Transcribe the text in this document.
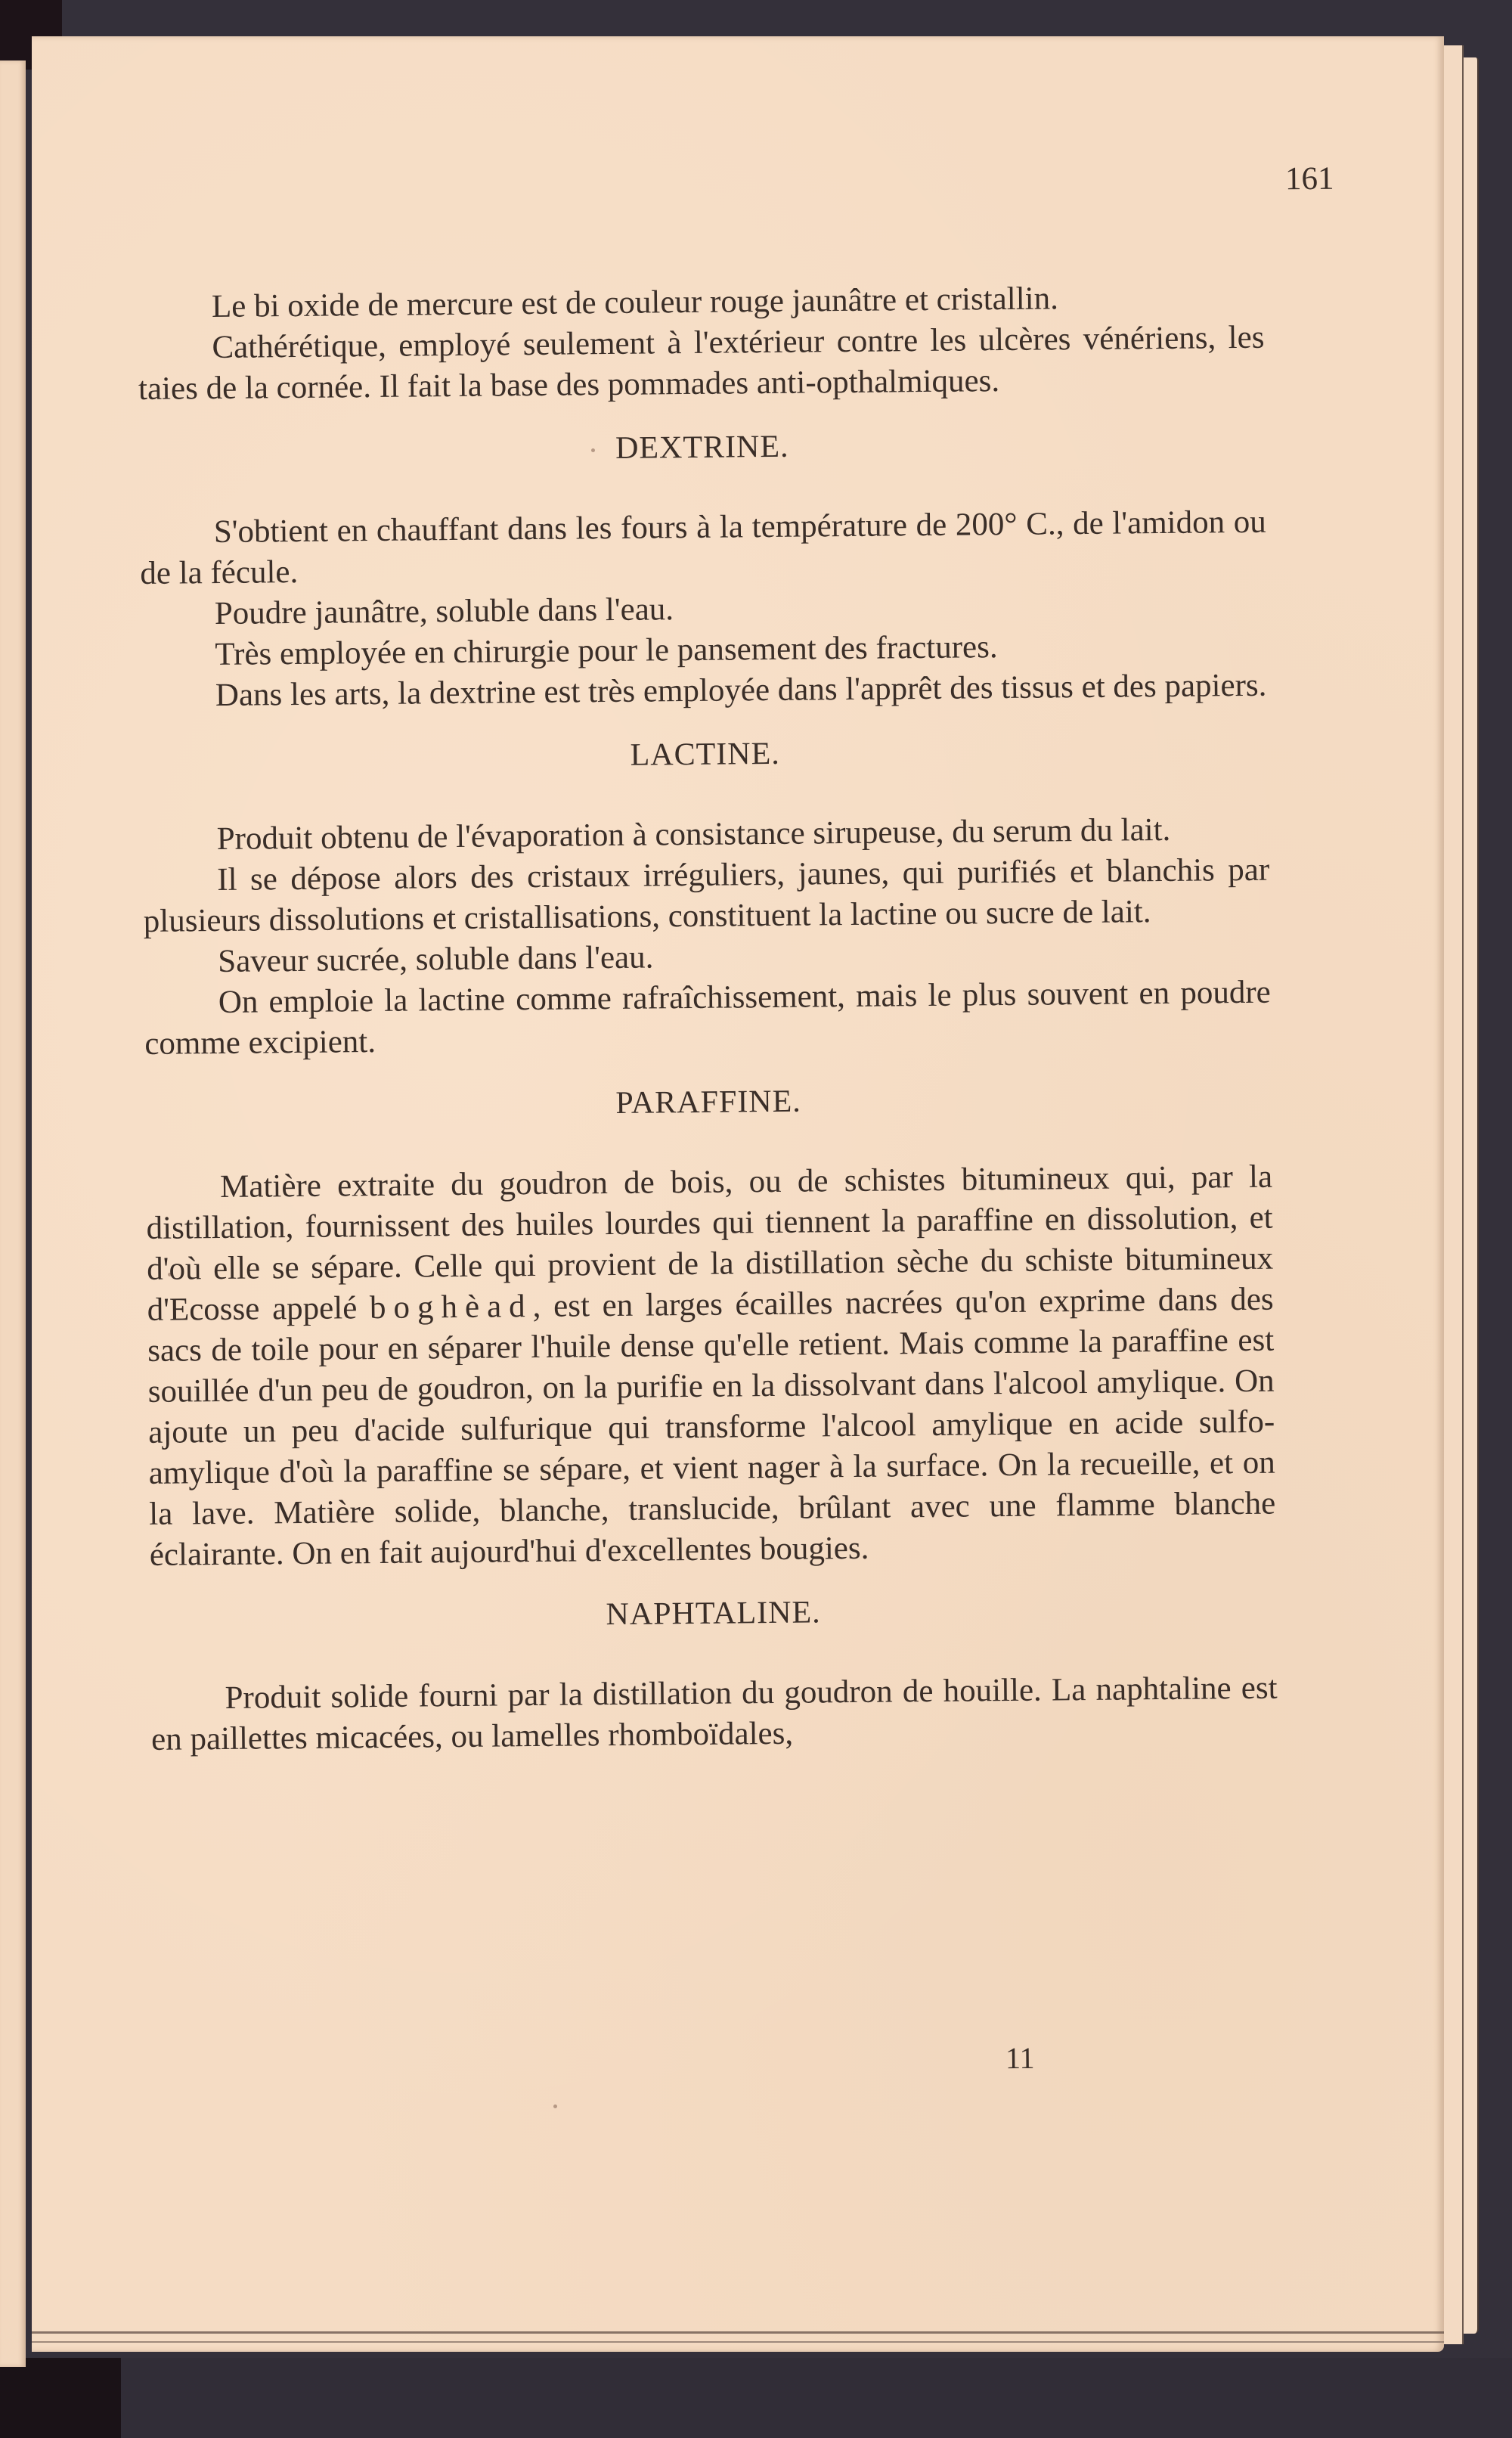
161

Le bi oxide de mercure est de couleur rouge jaunâtre et cristallin.

Cathérétique, employé seulement à l'extérieur contre les ulcères vénériens, les taies de la cornée. Il fait la base des pommades anti-opthalmiques.

DEXTRINE.

S'obtient en chauffant dans les fours à la température de 200° C., de l'amidon ou de la fécule.

Poudre jaunâtre, soluble dans l'eau.

Très employée en chirurgie pour le pansement des fractures.

Dans les arts, la dextrine est très employée dans l'apprêt des tissus et des papiers.

LACTINE.

Produit obtenu de l'évaporation à consistance sirupeuse, du serum du lait.

Il se dépose alors des cristaux irréguliers, jaunes, qui purifiés et blanchis par plusieurs dissolutions et cristallisations, constituent la lactine ou sucre de lait.

Saveur sucrée, soluble dans l'eau.

On emploie la lactine comme rafraîchissement, mais le plus souvent en poudre comme excipient.

PARAFFINE.

Matière extraite du goudron de bois, ou de schistes bitumineux qui, par la distillation, fournissent des huiles lourdes qui tiennent la paraffine en dissolution, et d'où elle se sépare. Celle qui provient de la distillation sèche du schiste bitumineux d'Ecosse appelé boghèad, est en larges écailles nacrées qu'on exprime dans des sacs de toile pour en séparer l'huile dense qu'elle retient. Mais comme la paraffine est souillée d'un peu de goudron, on la purifie en la dissolvant dans l'alcool amylique. On ajoute un peu d'acide sulfurique qui transforme l'alcool amylique en acide sulfo-amylique d'où la paraffine se sépare, et vient nager à la surface. On la recueille, et on la lave. Matière solide, blanche, translucide, brûlant avec une flamme blanche éclairante. On en fait aujourd'hui d'excellentes bougies.

NAPHTALINE.

Produit solide fourni par la distillation du goudron de houille. La naphtaline est en paillettes micacées, ou lamelles rhomboïdales,

11
